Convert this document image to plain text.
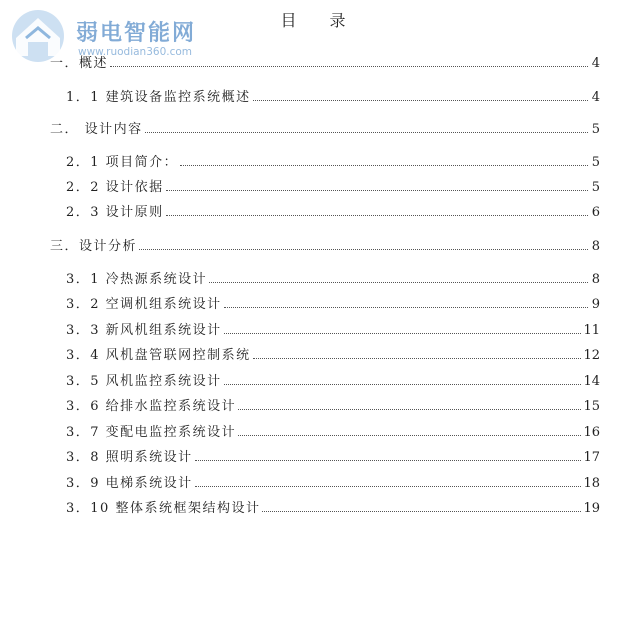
弱电智能网
www.ruodian360.com
目 录
一．概述	4
1．1 建筑设备监控系统概述	4
二． 设计内容	5
2．1 项目简介：	5
2．2 设计依据	5
2．3 设计原则	6
三．设计分析	8
3．1 冷热源系统设计	8
3．2 空调机组系统设计	9
3．3 新风机组系统设计	11
3．4 风机盘管联网控制系统	12
3．5 风机监控系统设计	14
3．6 给排水监控系统设计	15
3．7 变配电监控系统设计	16
3．8 照明系统设计	17
3．9 电梯系统设计	18
3．10 整体系统框架结构设计	19
